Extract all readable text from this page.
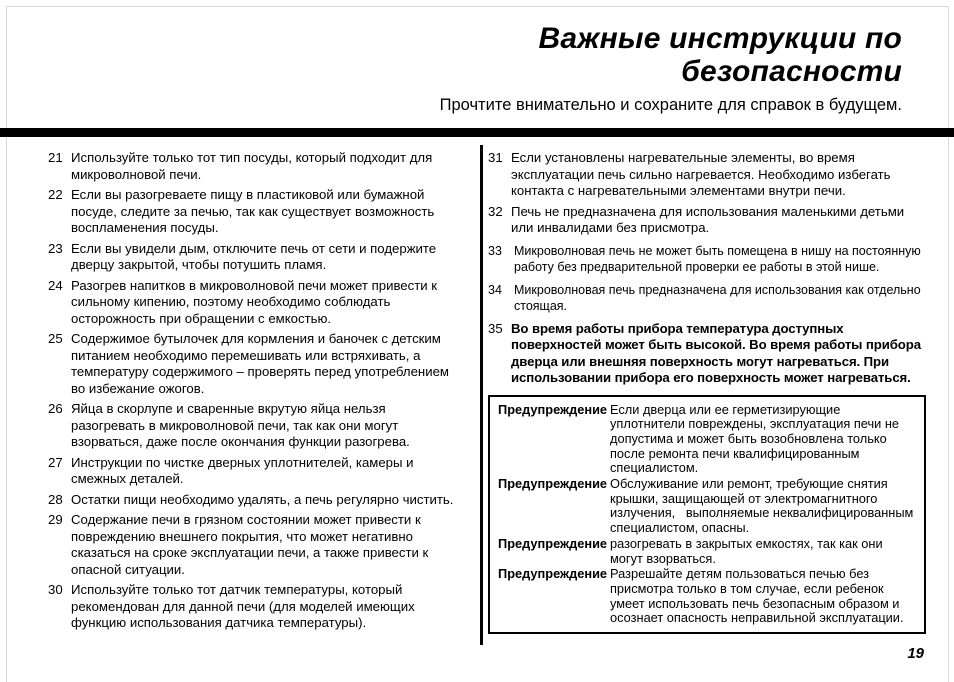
Важные инструкции по
безопасности

Прочтите внимательно и сохраните для справок в будущем.

21 Используйте только тот тип посуды, который подходит для микроволновой печи.
22 Если вы разогреваете пищу в пластиковой или бумажной посуде, следите за печью, так как существует возможность воспламенения посуды.
23 Если вы увидели дым, отключите печь от сети и подержите дверцу закрытой, чтобы потушить пламя.
24 Разогрев напитков в микроволновой печи может привести к сильному кипению, поэтому необходимо соблюдать осторожность при обращении с емкостью.
25 Содержимое бутылочек для кормления и баночек с детским питанием необходимо перемешивать или встряхивать, а температуру содержимого – проверять перед употреблением во избежание ожогов.
26 Яйца в скорлупе и сваренные вкрутую яйца нельзя разогревать в микроволновой печи, так как они могут взорваться, даже после окончания функции разогрева.
27 Инструкции по чистке дверных уплотнителей, камеры и смежных деталей.
28 Остатки пищи необходимо удалять, а печь регулярно чистить.
29 Содержание печи в грязном состоянии может привести к повреждению внешнего покрытия, что может негативно сказаться на сроке эксплуатации печи, а также привести к опасной ситуации.
30 Используйте только тот датчик температуры, который рекомендован для данной печи (для моделей имеющих функцию использования датчика температуры).
31 Если установлены нагревательные элементы, во время эксплуатации печь сильно нагревается. Необходимо избегать контакта с нагревательными элементами внутри печи.
32 Печь не предназначена для использования маленькими детьми или инвалидами без присмотра.
33 Микроволновая печь не может быть помещена в нишу на постоянную работу без предварительной проверки ее работы в этой нише.
34 Микроволновая печь предназначена для использования как отдельно стоящая.
35 Во время работы прибора температура доступных поверхностей может быть высокой. Во время работы прибора дверца или внешняя поверхность могут нагреваться. При использовании прибора его поверхность может нагреваться.
Предупреждение Если дверца или ее герметизирующие уплотнители повреждены, эксплуатация печи не допустима и может быть возобновлена только после ремонта печи квалифицированным специалистом.
Предупреждение Обслуживание или ремонт, требующие снятия крышки, защищающей от электромагнитного излучения,   выполняемые неквалифицированным специалистом, опасны.
Предупреждение разогревать в закрытых емкостях, так как они могут взорваться.
Предупреждение Разрешайте детям пользоваться печью без присмотра только в том случае, если ребенок умеет использовать печь безопасным образом и осознает опасность неправильной эксплуатации.
19
